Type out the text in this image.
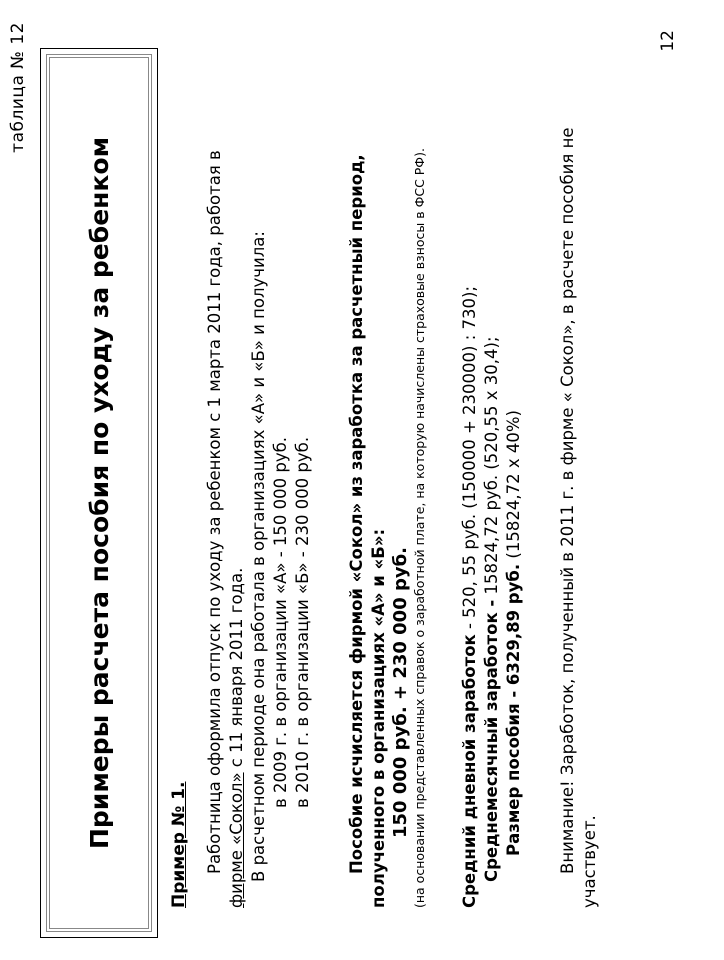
таблица № 12
Примеры расчета пособия по уходу за ребенком	Пример № 1. Работница оформила отпуск по уходу за ребенком с 1 марта 2011 года, работая в фирме «Сокол» с 11 января 2011 года. В расчетном периоде она работала в организациях «А» и «Б» и получила: в 2009 г. в организации «А» - 150 000 руб. в 2010 г. в организации «Б» - 230 000 руб. Пособие исчисляется фирмой «Сокол» из заработка за расчетный период, полученного в организациях «А» и «Б»: 150 000 руб. + 230 000 руб. (на основании представленных справок о заработной плате, на которую начислены страховые взносы в ФСС РФ). Средний дневной заработок - 520, 55 руб. (150000 + 230000) : 730);

Среднемесячный заработок - 15824,72 руб. (520,55 x 30,4);

Размер пособия - 6329,89 руб. (15824,72 x 40%) Внимание! Заработок, полученный в 2011 г. в фирме « Сокол», в расчете пособия не участвует.

12
